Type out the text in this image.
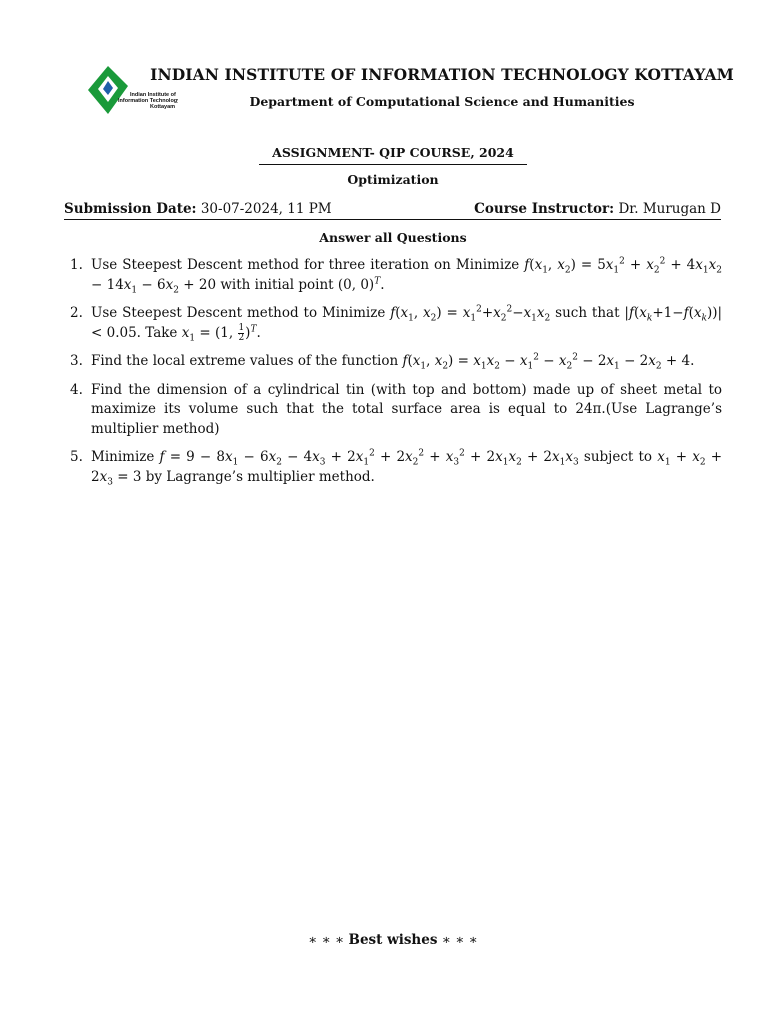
Indian Institute of
Information Technology
Kottayam
INDIAN INSTITUTE OF INFORMATION TECHNOLOGY KOTTAYAM
Department of Computational Science and Humanities
ASSIGNMENT- QIP COURSE, 2024
Optimization
Submission Date: 30-07-2024, 11 PM	Course Instructor: Dr. Murugan D
Answer all Questions
1. Use Steepest Descent method for three iteration on Minimize $f(x_1$, $x_2) = 5x_1^2 + x_2^2 + 4x_1x_2 - 14x_1 - 6x_2 + 20$ with initial point (0, 0)$^T$.
2. Use Steepest Descent method to Minimize $f(x_1$, $x_2) = x_1^2+x_2^2-x_1x_2$ such that $|f(x_k+1-f(x_k))| < 0.05$. Take $x_1 = (1$, $\frac{1}{2} )^T$.
3. Find the local extreme values of the function $f(x_1$, $x_2) = x_1x_2 - x_1^2 - x_2^2 - 2x_1 - 2x_2 + 4$.
4. Find the dimension of a cylindrical tin (with top and bottom) made up of sheet metal to maximize its volume such that the total surface area is equal to 24π.(Use Lagrange’s multiplier method)
5. Minimize $f = 9 - 8x_1 - 6x_2 - 4x_3 + 2x_1^2 + 2x_2^2 + x_3^2 + 2x_1x_2 + 2x_1x_3$ subject to $x_1 + x_2 + 2x_3 = 3$ by Lagrange’s multiplier method.
∗ ∗ ∗ Best wishes ∗ ∗ ∗
